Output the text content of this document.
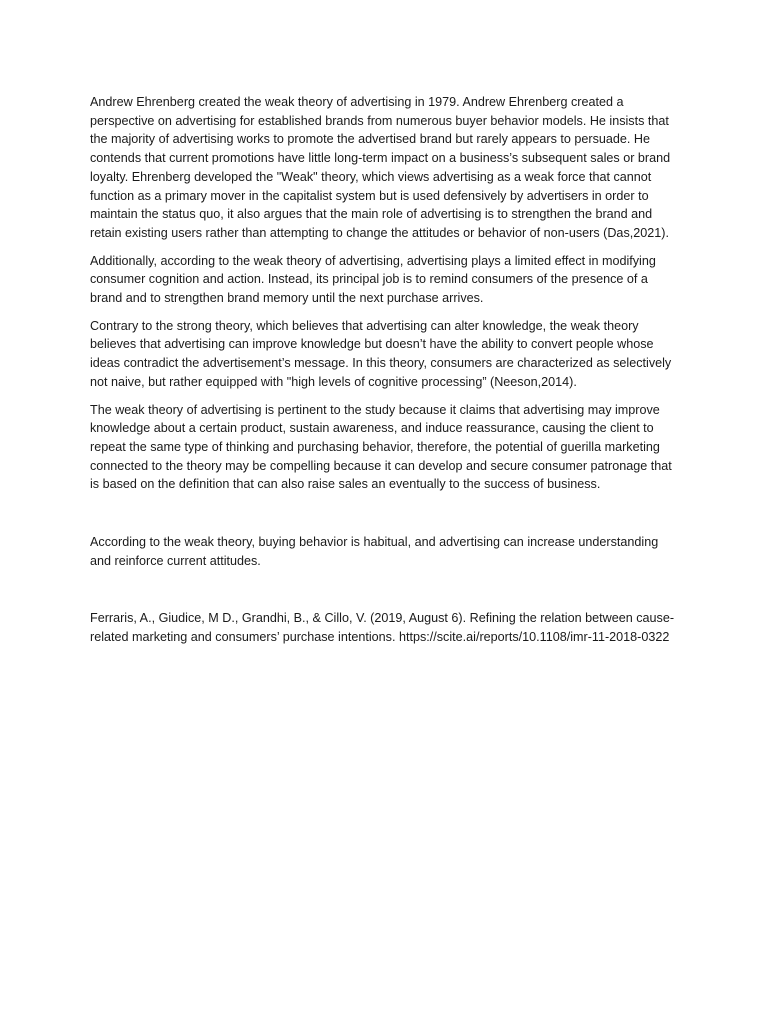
Andrew Ehrenberg created the weak theory of advertising in 1979. Andrew Ehrenberg created a perspective on advertising for established brands from numerous buyer behavior models. He insists that the majority of advertising works to promote the advertised brand but rarely appears to persuade. He contends that current promotions have little long-term impact on a business’s subsequent sales or brand loyalty. Ehrenberg developed the "Weak" theory, which views advertising as a weak force that cannot function as a primary mover in the capitalist system but is used defensively by advertisers in order to maintain the status quo, it also argues that the main role of advertising is to strengthen the brand and retain existing users rather than attempting to change the attitudes or behavior of non-users (Das,2021).

Additionally, according to the weak theory of advertising, advertising plays a limited effect in modifying consumer cognition and action. Instead, its principal job is to remind consumers of the presence of a brand and to strengthen brand memory until the next purchase arrives.

Contrary to the strong theory, which believes that advertising can alter knowledge, the weak theory believes that advertising can improve knowledge but doesn’t have the ability to convert people whose ideas contradict the advertisement’s message. In this theory, consumers are characterized as selectively not naive, but rather equipped with "high levels of cognitive processing” (Neeson,2014).

The weak theory of advertising is pertinent to the study because it claims that advertising may improve knowledge about a certain product, sustain awareness, and induce reassurance, causing the client to repeat the same type of thinking and purchasing behavior, therefore, the potential of guerilla marketing connected to the theory may be compelling because it can develop and secure consumer patronage that is based on the definition that can also raise sales an eventually to the success of business.

According to the weak theory, buying behavior is habitual, and advertising can increase understanding and reinforce current attitudes.

Ferraris, A., Giudice, M D., Grandhi, B., & Cillo, V. (2019, August 6). Refining the relation between cause-related marketing and consumers’ purchase intentions. https://scite.ai/reports/10.1108/imr-11-2018-0322
